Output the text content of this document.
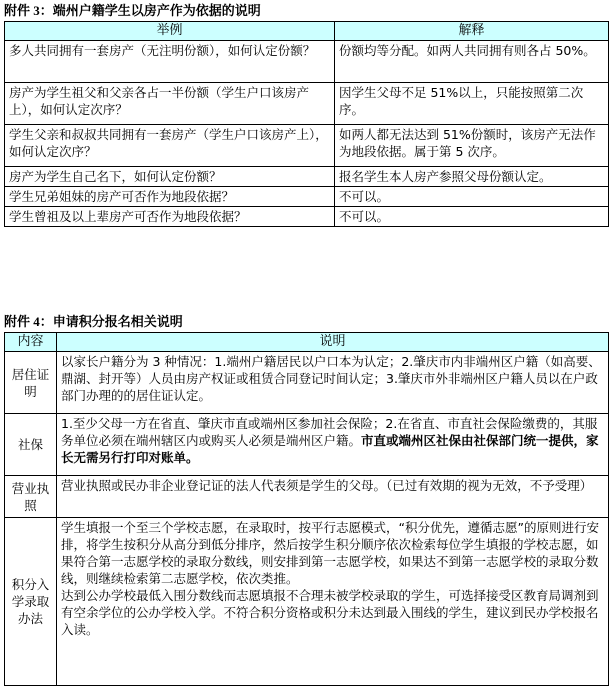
附件 3：端州户籍学生以房产作为依据的说明
举例	解释
多人共同拥有一套房产（无注明份额），如何认定份额？	份额均等分配。如两人共同拥有则各占 50%。
房产为学生祖父和父亲各占一半份额（学生户口该房产上），如何认定次序？	因学生父母不足 51%以上，只能按照第二次序。
学生父亲和叔叔共同拥有一套房产（学生户口该房产上），如何认定次序？	如两人都无法达到 51%份额时，该房产无法作为地段依据。属于第 5 次序。
房产为学生自己名下，如何认定份额？	报名学生本人房产参照父母份额认定。
学生兄弟姐妹的房产可否作为地段依据？	不可以。
学生曾祖及以上辈房产可否作为地段依据？	不可以。
附件 4：申请积分报名相关说明
内容	说明
居住证明	以家长户籍分为 3 种情况：1.端州户籍居民以户口本为认定；2.肇庆市内非端州区户籍（如高要、鼎湖、封开等）人员由房产权证或租赁合同登记时间认定；3.肇庆市外非端州区户籍人员以在户政部门办理的的居住证认定。
社保	1.至少父母一方在省直、肇庆市直或端州区参加社会保险；2.在省直、市直社会保险缴费的，其服务单位必须在端州辖区内或购买人必须是端州区户籍。市直或端州区社保由社保部门统一提供，家长无需另行打印对账单。
营业执照	营业执照或民办非企业登记证的法人代表须是学生的父母。（已过有效期的视为无效，不予受理）
积分入学录取办法	学生填报一个至三个学校志愿，在录取时，按平行志愿模式，“积分优先，遵循志愿”的原则进行安排，将学生按积分从高分到低分排序，然后按学生积分顺序依次检索每位学生填报的学校志愿，如果符合第一志愿学校的录取分数线，则安排到第一志愿学校，如果达不到第一志愿学校的录取分数线，则继续检索第二志愿学校，依次类推。
达到公办学校最低入围分数线而志愿填报不合理未被学校录取的学生，可选择接受区教育局调剂到有空余学位的公办学校入学。不符合积分资格或积分未达到最入围线的学生，建议到民办学校报名入读。
